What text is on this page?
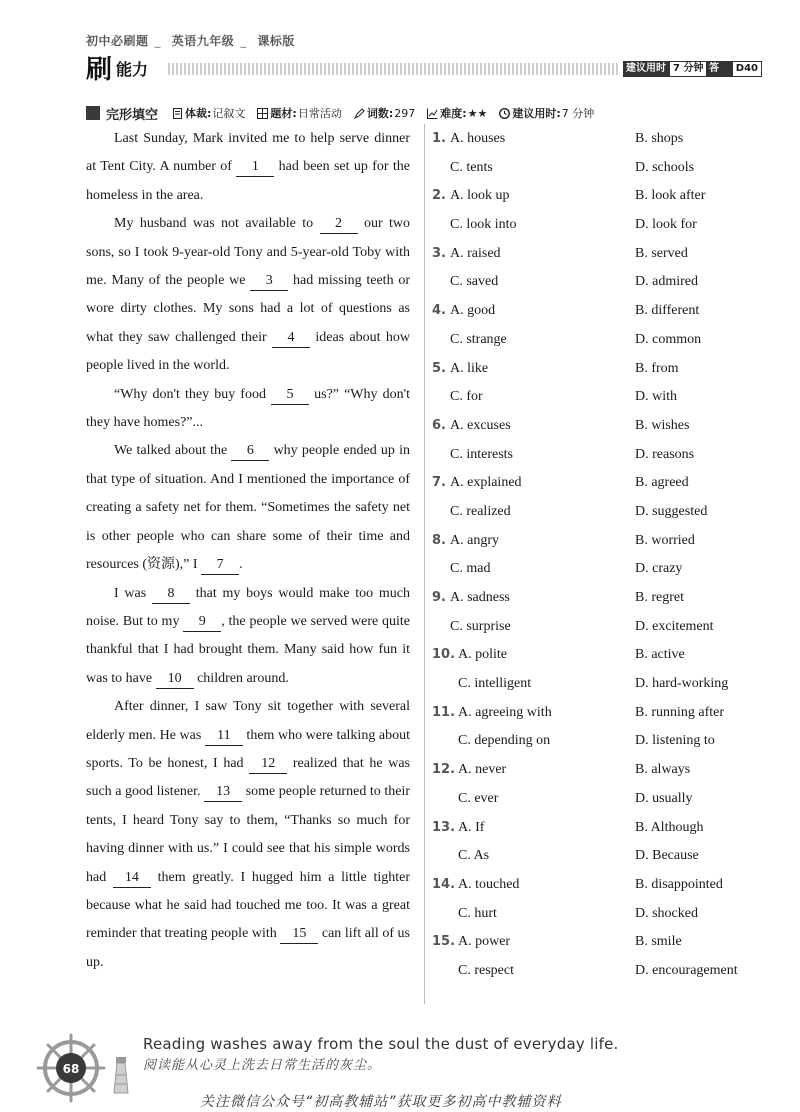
初中必刷题 _ 英语九年级 _ 课标版
刷 能力	建议用时 7 分钟 答案
D40
完形填空 体裁: 记叙文 题材: 日常活动 词数: 297 难度: ★★ 建议用时: 7 分钟

Last Sunday, Mark invited me to help serve dinner at Tent City. A number of 1 had been set up for the homeless in the area.

My husband was not available to 2 our two sons, so I took 9-year-old Tony and 5-year-old Toby with me. Many of the people we 3 had missing teeth or wore dirty clothes. My sons had a lot of questions as what they saw challenged their 4 ideas about how people lived in the world.

“Why don't they buy food 5 us?” “Why don't they have homes?”...

We talked about the 6 why people ended up in that type of situation. And I mentioned the importance of creating a safety net for them. “Sometimes the safety net is other people who can share some of their time and resources (资源),” I 7 .

I was 8 that my boys would make too much noise. But to my 9 , the people we served were quite thankful that I had brought them. Many said how fun it was to have 10 children around.

After dinner, I saw Tony sit together with several elderly men. He was 11 them who were talking about sports. To be honest, I had 12 realized that he was such a good listener. 13 some people returned to their tents, I heard Tony say to them, “Thanks so much for having dinner with us.” I could see that his simple words had 14 them greatly. I hugged him a little tighter because what he said had touched me too. It was a great reminder that treating people with 15 can lift all of us up.

1. A. houses	B. shops
C. tents	D. schools
2. A. look up	B. look after
C. look into	D. look for
3. A. raised	B. served
C. saved	D. admired
4. A. good	B. different
C. strange	D. common
5. A. like	B. from
C. for	D. with
6. A. excuses	B. wishes
C. interests	D. reasons
7. A. explained	B. agreed
C. realized	D. suggested
8. A. angry	B. worried
C. mad	D. crazy
9. A. sadness	B. regret
C. surprise	D. excitement
10. A. polite	B. active
C. intelligent	D. hard-working
11. A. agreeing with	B. running after
C. depending on	D. listening to
12. A. never	B. always
C. ever	D. usually
13. A. If	B. Although
C. As	D. Because
14. A. touched	B. disappointed
C. hurt	D. shocked
15. A. power	B. smile
C. respect	D. encouragement
68
Reading washes away from the soul the dust of everyday life.
阅读能从心灵上洗去日常生活的灰尘。
关注微信公众号“初高教辅站”获取更多初高中教辅资料
